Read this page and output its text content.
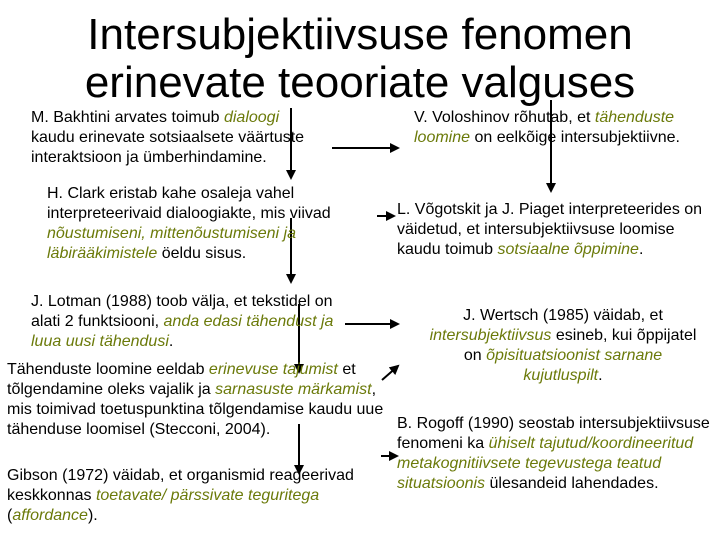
Intersubjektiivsuse fenomen
erinevate teooriate valguses
M. Bakhtini arvates toimub dialoogi kaudu erinevate sotsiaalsete väärtuste interaktsioon ja ümberhindamine.
H. Clark eristab kahe osaleja vahel interpreteerivaid dialoogiakte, mis viivad nõustumiseni, mittenõustumiseni ja läbirääkimistele öeldu sisus.
J. Lotman (1988) toob välja, et tekstidel on alati 2 funktsiooni, anda edasi tähendust ja luua uusi tähendusi.
Tähenduste loomine eeldab erinevuse tajumist et tõlgendamine oleks vajalik ja sarnasuste märkamist, mis toimivad toetuspunktina tõlgendamise kaudu uue tähenduse loomisel (Stecconi, 2004).
Gibson (1972) väidab, et organismid reageerivad keskkonnas toetavate/ pärssivate teguritega (affordance).
V. Voloshinov rõhutab, et tähenduste loomine on eelkõige intersubjektiivne.
L. Võgotskit ja J. Piaget interpreteerides on väidetud, et intersubjektiivsuse loomise kaudu toimub sotsiaalne õppimine.
J. Wertsch (1985) väidab, et intersubjektiivsus esineb, kui õppijatel on õpisituatsioonist sarnane kujutluspilt.
B. Rogoff (1990) seostab intersubjektiivsuse fenomeni ka ühiselt tajutud/koordineeritud metakognitiivsete tegevustega teatud situatsioonis ülesandeid lahendades.
